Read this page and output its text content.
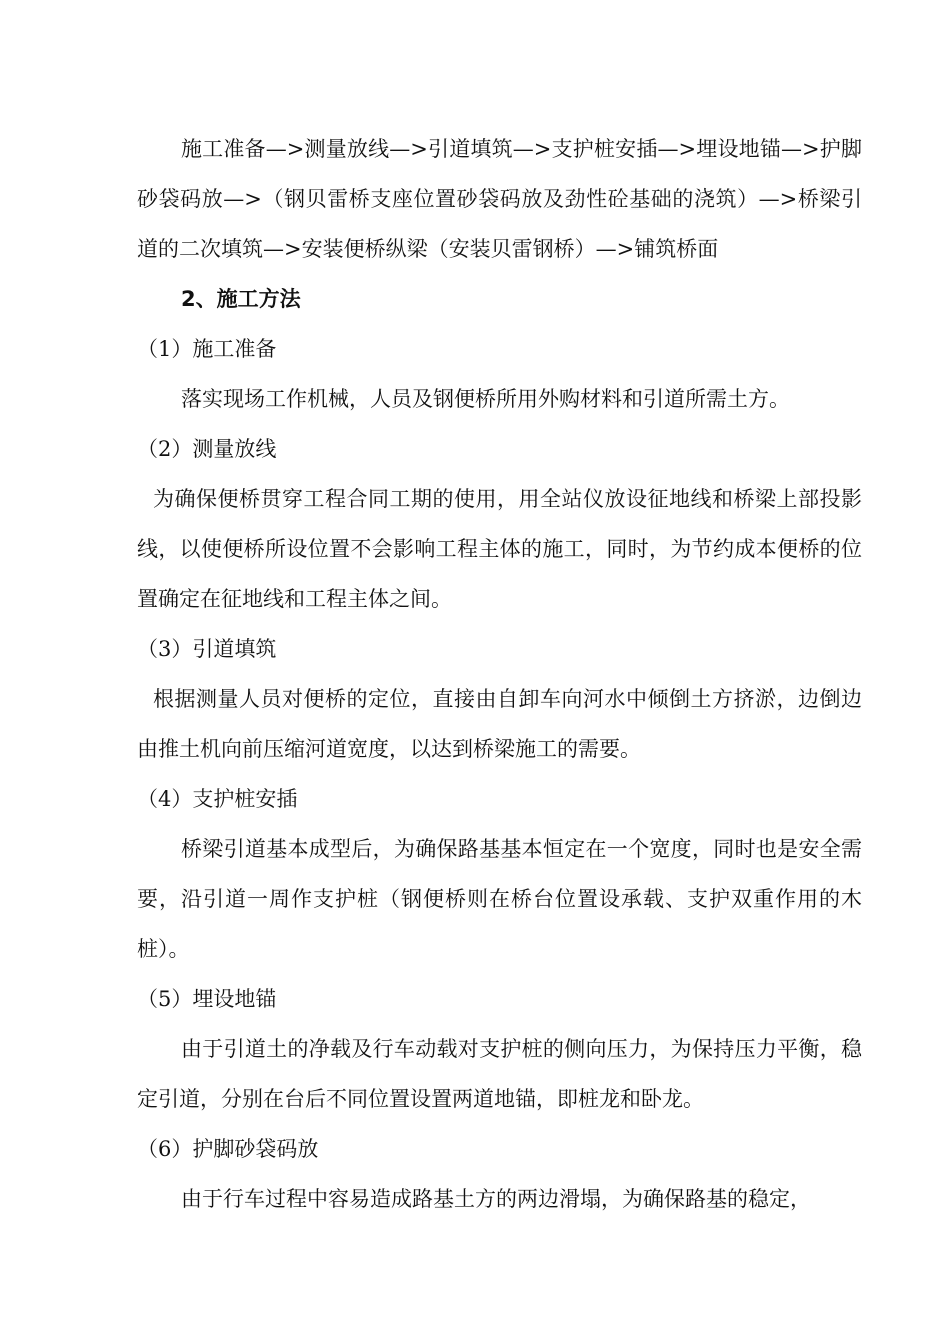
施工准备—>测量放线—>引道填筑—>支护桩安插—>埋设地锚—>护脚砂袋码放—>（钢贝雷桥支座位置砂袋码放及劲性砼基础的浇筑）—>桥梁引道的二次填筑—>安装便桥纵梁（安装贝雷钢桥）—>铺筑桥面

2、施工方法

（1）施工准备

落实现场工作机械，人员及钢便桥所用外购材料和引道所需土方。

（2）测量放线

为确保便桥贯穿工程合同工期的使用，用全站仪放设征地线和桥梁上部投影线，以使便桥所设位置不会影响工程主体的施工，同时，为节约成本便桥的位置确定在征地线和工程主体之间。

（3）引道填筑

根据测量人员对便桥的定位，直接由自卸车向河水中倾倒土方挤淤，边倒边由推土机向前压缩河道宽度，以达到桥梁施工的需要。

（4）支护桩安插

桥梁引道基本成型后，为确保路基基本恒定在一个宽度，同时也是安全需要，沿引道一周作支护桩（钢便桥则在桥台位置设承载、支护双重作用的木桩）。

（5）埋设地锚

由于引道土的净载及行车动载对支护桩的侧向压力，为保持压力平衡，稳定引道，分别在台后不同位置设置两道地锚，即桩龙和卧龙。

（6）护脚砂袋码放

由于行车过程中容易造成路基土方的两边滑塌，为确保路基的稳定，
